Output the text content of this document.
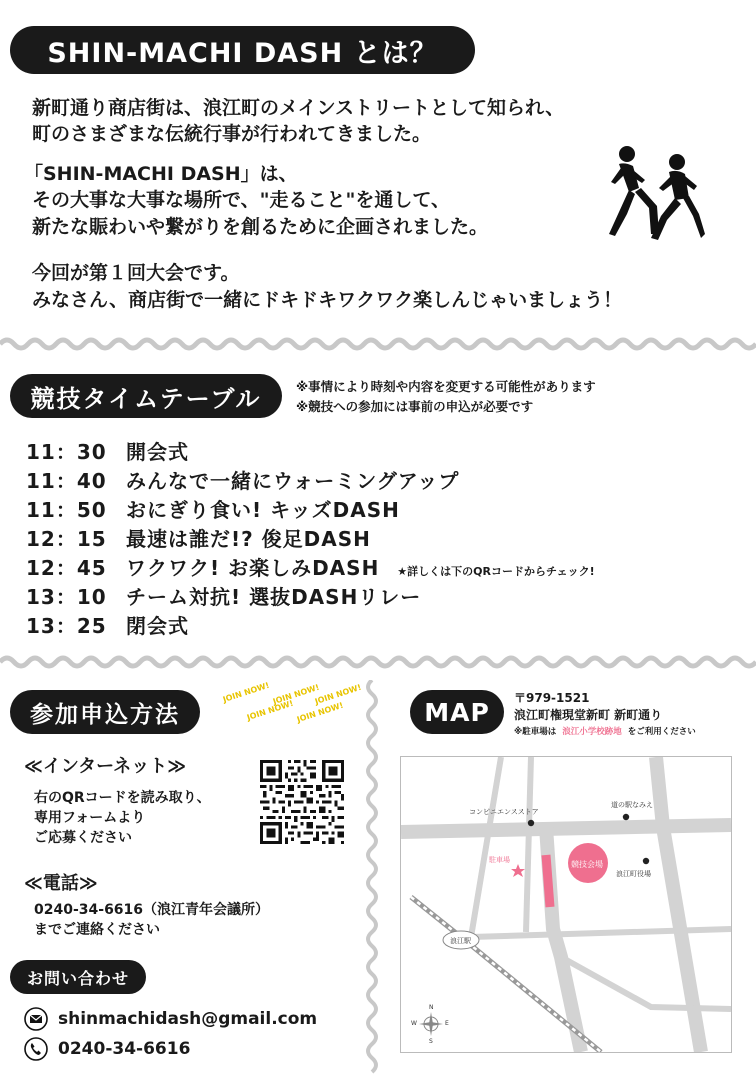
SHIN-MACHI DASH とは？
新町通り商店街は、浪江町のメインストリートとして知られ、
町のさまざまな伝統行事が行われてきました。
「SHIN-MACHI DASH」は、
その大事な大事な場所で、"走ること"を通して、
新たな賑わいや繋がりを創るために企画されました。
今回が第１回大会です。
みなさん、商店街で一緒にドキドキワクワク楽しんじゃいましょう！
競技タイムテーブル	※事情により時刻や内容を変更する可能性があります
※競技への参加には事前の申込が必要です
11：30 開会式
11：40 みんなで一緒にウォーミングアップ
11：50 おにぎり食い! キッズDASH
12：15 最速は誰だ!? 俊足DASH
12：45 ワクワク! お楽しみDASH ★詳しくは下のQRコードからチェック!
13：10 チーム対抗! 選抜DASHリレー
13：25 閉会式
参加申込方法
JOIN NOW! JOIN NOW!
JOIN NOW!
JOIN NOW! JOIN NOW!
≪インターネット≫
右のQRコードを読み取り、
専用フォームより
ご応募ください
≪電話≫
0240-34-6616（浪江青年会議所）
までご連絡ください
お問い合わせ
shinmachidash@gmail.com
0240-34-6616
MAP 〒979-1521
浪江町権現堂新町 新町通り
※駐車場は 浪江小学校跡地 をご利用ください
コンビニエンスストア
道の駅なみえ
駐車場	競技会場
浪江町役場
浪江駅
N
S
E
W
